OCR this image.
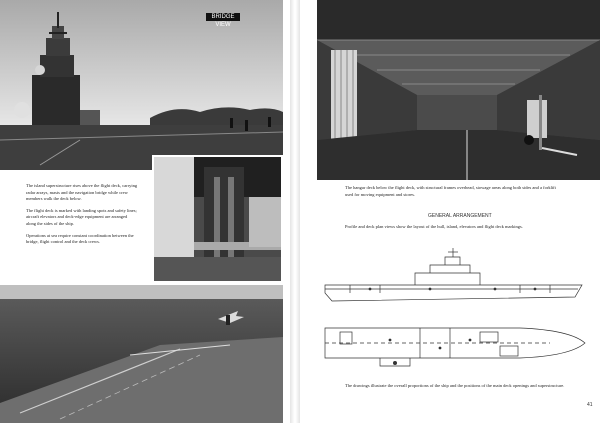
BRIDGE VIEW

The island superstructure rises above the flight deck, carrying radar arrays, masts and the navigation bridge while crew members walk the deck below.

The flight deck is marked with landing spots and safety lines; aircraft elevators and deck-edge equipment are arranged along the sides of the ship.

Operations at sea require constant coordination between the bridge, flight control and the deck crews.

The hangar deck below the flight deck, with structural frames overhead, stowage areas along both sides and a forklift used for moving equipment and stores.
GENERAL ARRANGEMENT
Profile and deck plan views show the layout of the hull, island, elevators and flight deck markings.
The drawings illustrate the overall proportions of the ship and the positions of the main deck openings and superstructure.
41
